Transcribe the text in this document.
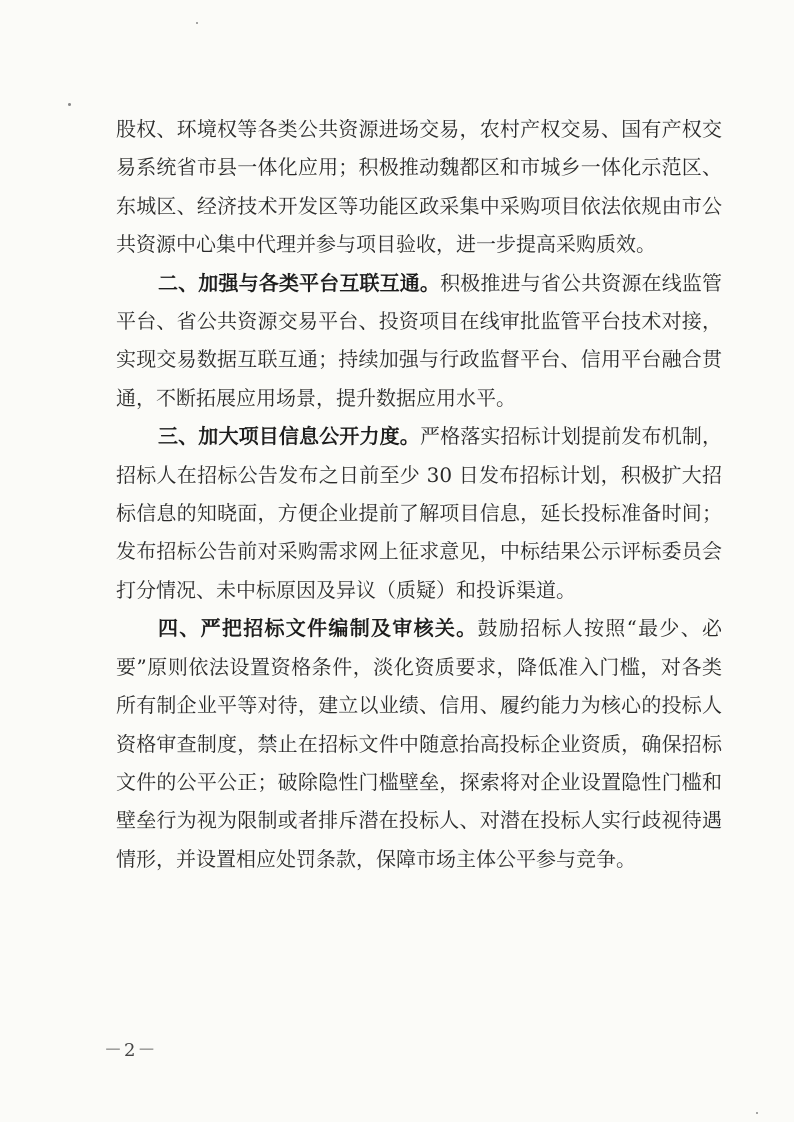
股权、环境权等各类公共资源进场交易，农村产权交易、国有产权交易系统省市县一体化应用；积极推动魏都区和市城乡一体化示范区、东城区、经济技术开发区等功能区政采集中采购项目依法依规由市公共资源中心集中代理并参与项目验收，进一步提高采购质效。

二、加强与各类平台互联互通。积极推进与省公共资源在线监管平台、省公共资源交易平台、投资项目在线审批监管平台技术对接，实现交易数据互联互通；持续加强与行政监督平台、信用平台融合贯通，不断拓展应用场景，提升数据应用水平。

三、加大项目信息公开力度。严格落实招标计划提前发布机制，招标人在招标公告发布之日前至少 30 日发布招标计划，积极扩大招标信息的知晓面，方便企业提前了解项目信息，延长投标准备时间；发布招标公告前对采购需求网上征求意见，中标结果公示评标委员会打分情况、未中标原因及异议（质疑）和投诉渠道。

四、严把招标文件编制及审核关。鼓励招标人按照“最少、必要”原则依法设置资格条件，淡化资质要求，降低准入门槛，对各类所有制企业平等对待，建立以业绩、信用、履约能力为核心的投标人资格审查制度，禁止在招标文件中随意抬高投标企业资质，确保招标文件的公平公正；破除隐性门槛壁垒，探索将对企业设置隐性门槛和壁垒行为视为限制或者排斥潜在投标人、对潜在投标人实行歧视待遇情形，并设置相应处罚条款，保障市场主体公平参与竞争。

－2－
